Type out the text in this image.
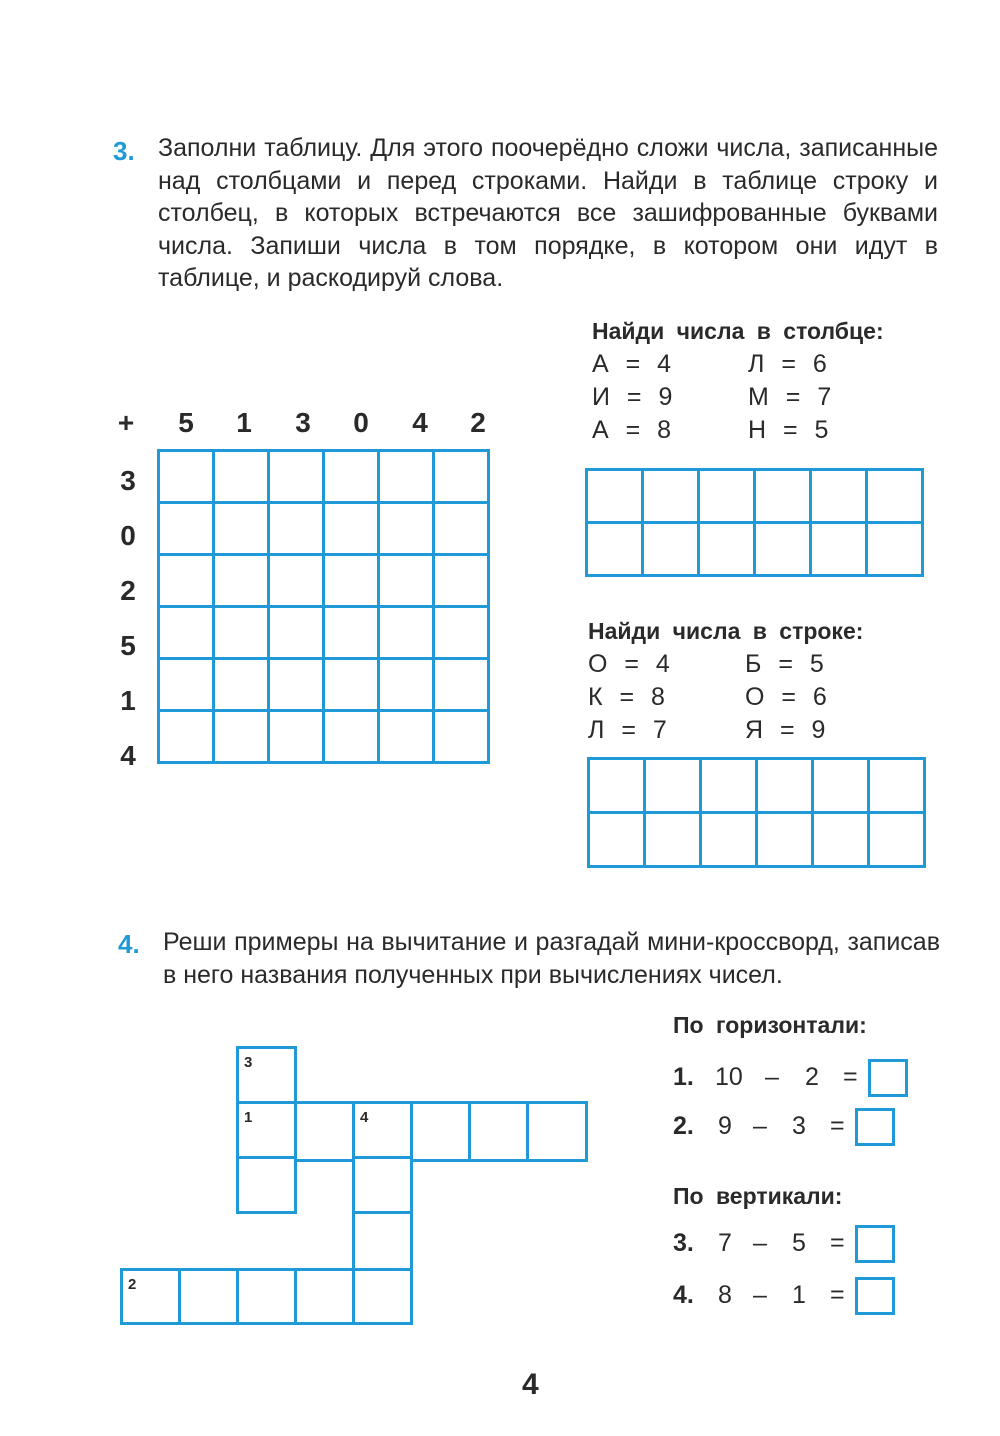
3. Заполни таблицу. Для этого поочерёдно сложи числа, записанные над столбцами и перед строками. Найди в таблице строку и столбец, в которых встречаются все зашифрованные буквами числа. Запиши числа в том порядке, в котором они идут в таблице, и раскодируй слова.
+	5	1	3	0	4	2
3
0
2
5
1
4

Найди числа в столбце:
А = 4	Л = 6
И = 9	М = 7
А = 8	Н = 5

Найди числа в строке:
О = 4	Б = 5
К = 8	О = 6
Л = 7	Я = 9

4. Реши примеры на вычитание и разгадай мини-кроссворд, записав в него названия полученных при вычислениях чисел.
3
1	4
2
По горизонтали:
1. 10 – 2 =
2. 9 – 3 =
По вертикали:
3. 7 – 5 =
4. 8 – 1 =
4
